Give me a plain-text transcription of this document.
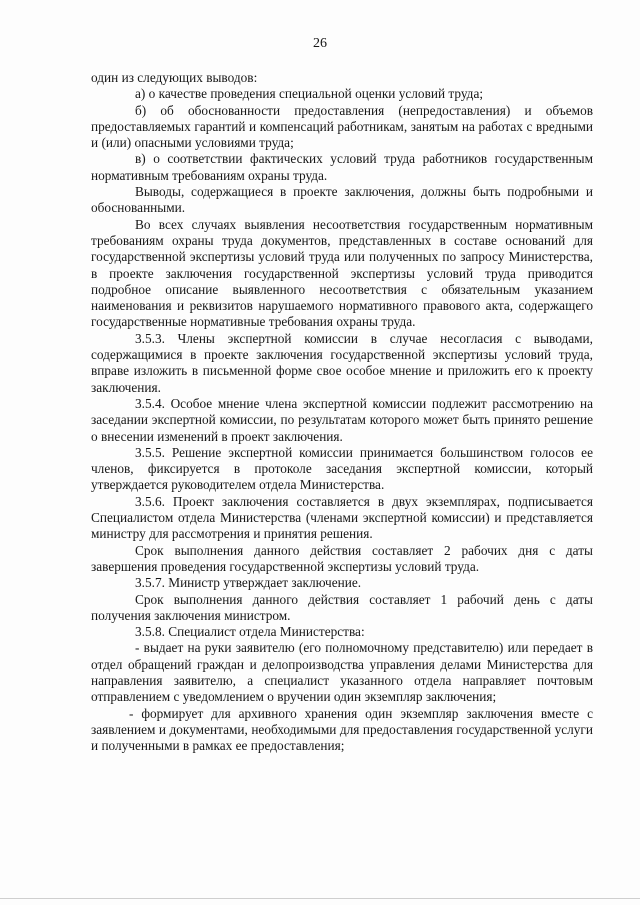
26

один из следующих выводов:

а) о качестве проведения специальной оценки условий труда;

б) об обоснованности предоставления (непредоставления) и объемов предоставляемых гарантий и компенсаций работникам, занятым на работах с вредными и (или) опасными условиями труда;

в) о соответствии фактических условий труда работников государственным нормативным требованиям охраны труда.

Выводы, содержащиеся в проекте заключения, должны быть подробными и обоснованными.

Во всех случаях выявления несоответствия государственным нормативным требованиям охраны труда документов, представленных в составе оснований для государственной экспертизы условий труда или полученных по запросу Министерства, в проекте заключения государственной экспертизы условий труда приводится подробное описание выявленного несоответствия с обязательным указанием наименования и реквизитов нарушаемого нормативного правового акта, содержащего государственные нормативные требования охраны труда.

3.5.3. Члены экспертной комиссии в случае несогласия с выводами, содержащимися в проекте заключения государственной экспертизы условий труда, вправе изложить в письменной форме свое особое мнение и приложить его к проекту заключения.

3.5.4. Особое мнение члена экспертной комиссии подлежит рассмотрению на заседании экспертной комиссии, по результатам которого может быть принято решение о внесении изменений в проект заключения.

3.5.5. Решение экспертной комиссии принимается большинством голосов ее членов, фиксируется в протоколе заседания экспертной комиссии, который утверждается руководителем отдела Министерства.

3.5.6. Проект заключения составляется в двух экземплярах, подписывается Специалистом отдела Министерства (членами экспертной комиссии) и представляется министру для рассмотрения и принятия решения.

Срок выполнения данного действия составляет 2 рабочих дня с даты завершения проведения государственной экспертизы условий труда.

3.5.7. Министр утверждает заключение.

Срок выполнения данного действия составляет 1 рабочий день с даты получения заключения министром.

3.5.8. Специалист отдела Министерства:

- выдает на руки заявителю (его полномочному представителю) или передает в отдел обращений граждан и делопроизводства управления делами Министерства для направления заявителю, а специалист указанного отдела направляет почтовым отправлением с уведомлением о вручении один экземпляр заключения;

- формирует для архивного хранения один экземпляр заключения вместе с заявлением и документами, необходимыми для предоставления государственной услуги и полученными в рамках ее предоставления;
